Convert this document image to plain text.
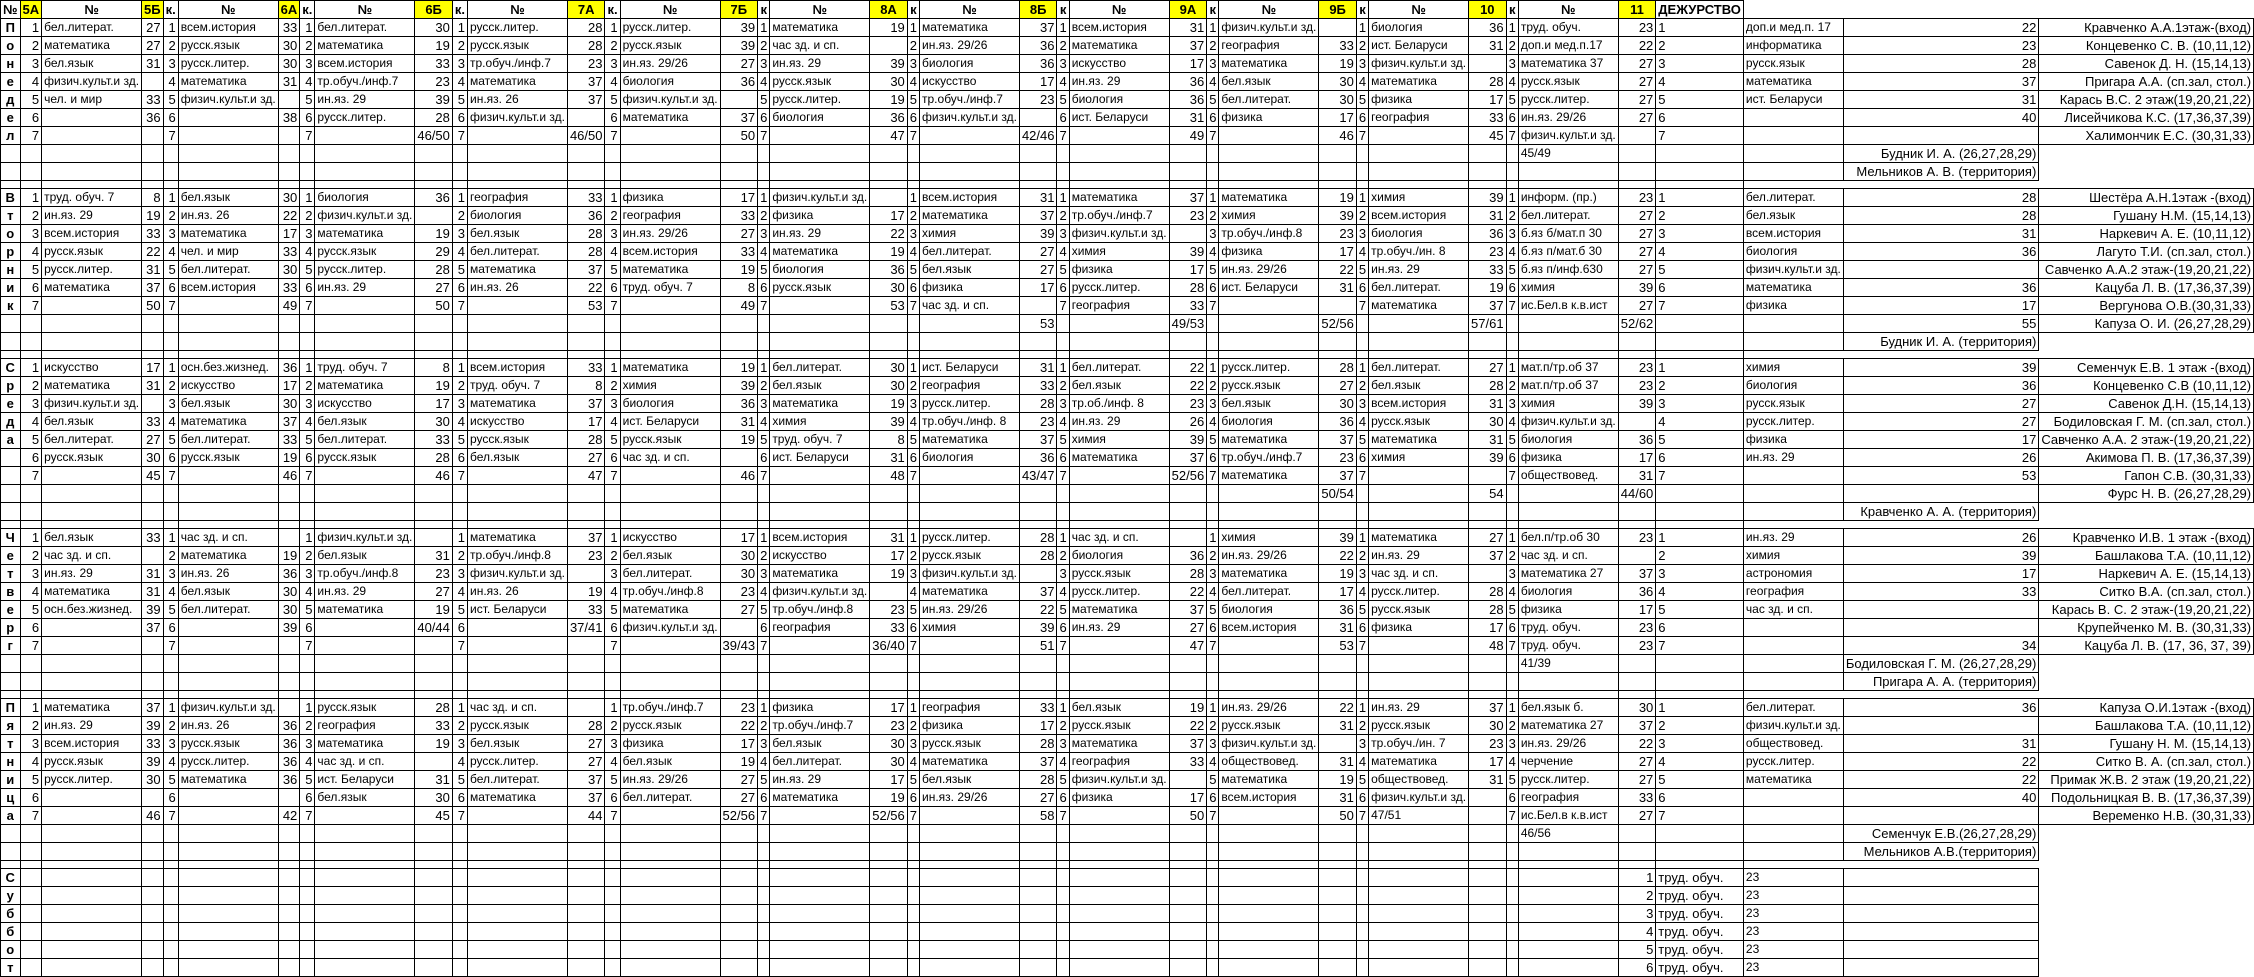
№	5А	№	5Б	к.	№	6А	к.	№	6Б	к.	№	7А	к.	№	7Б	к	№	8А	к	№	8Б	к	№	9А	к	№	9Б	к	№	10	к	№	11	ДЕЖУРСТВО			
П	1	бел.литерат.	27	1	всем.история	33	1	бел.литерат.	30	1	русск.литер.	28	1	русск.литер.	39	1	математика	19	1	математика	37	1	всем.история	31	1	физич.культ.и зд.		1	биология	36	1	труд. обуч.	23	1	доп.и мед.п. 17	22	Кравченко А.А.1этаж-(вход)
о	2	математика	27	2	русск.язык	30	2	математика	19	2	русск.язык	28	2	русск.язык	39	2	час зд. и сп.		2	ин.яз. 29/26	36	2	математика	37	2	география	33	2	ист. Беларуси	31	2	доп.и мед.п.17	22	2	информатика	23	Концевенко С. В. (10,11,12)
н	3	бел.язык	31	3	русск.литер.	30	3	всем.история	33	3	тр.обуч./инф.7	23	3	ин.яз. 29/26	27	3	ин.яз. 29	39	3	биология	36	3	искусство	17	3	математика	19	3	физич.культ.и зд.		3	математика 37	27	3	русск.язык	28	Савенок Д. Н. (15,14,13)
е	4	физич.культ.и зд.		4	математика	31	4	тр.обуч./инф.7	23	4	математика	37	4	биология	36	4	русск.язык	30	4	искусство	17	4	ин.яз. 29	36	4	бел.язык	30	4	математика	28	4	русск.язык	27	4	математика	37	Пригара А.А. (сп.зал, стол.)
д	5	чел. и мир	33	5	физич.культ.и зд.		5	ин.яз. 29	39	5	ин.яз. 26	37	5	физич.культ.и зд.		5	русск.литер.	19	5	тр.обуч./инф.7	23	5	биология	36	5	бел.литерат.	30	5	физика	17	5	русск.литер.	27	5	ист. Беларуси	31	Карась В.С. 2 этаж(19,20,21,22)
е	6		36	6		38	6	русск.литер.	28	6	физич.культ.и зд.		6	математика	37	6	биология	36	6	физич.культ.и зд.		6	ист. Беларуси	31	6	физика	17	6	география	33	6	ин.яз. 29/26	27	6		40	Лисейчикова К.С. (17,36,37,39)
л	7			7			7		46/50	7		46/50	7		50	7		47	7		42/46	7		49	7		46	7		45	7	физич.культ.и зд.		7			Халимончик Е.С. (30,31,33)
																																45/49				Будник И. А. (26,27,28,29)	
																																				Мельников А. В. (территория)	

В	1	труд. обуч. 7	8	1	бел.язык	30	1	биология	36	1	география	33	1	физика	17	1	физич.культ.и зд.		1	всем.история	31	1	математика	37	1	математика	19	1	химия	39	1	информ. (пр.)	23	1	бел.литерат.	28	Шестёра А.Н.1этаж -(вход)
т	2	ин.яз. 29	19	2	ин.яз. 26	22	2	физич.культ.и зд.		2	биология	36	2	география	33	2	физика	17	2	математика	37	2	тр.обуч./инф.7	23	2	химия	39	2	всем.история	31	2	бел.литерат.	27	2	бел.язык	28	Гушану Н.М. (15,14,13)
о	3	всем.история	33	3	математика	17	3	математика	19	3	бел.язык	28	3	ин.яз. 29/26	27	3	ин.яз. 29	22	3	химия	39	3	физич.культ.и зд.		3	тр.обуч./инф.8	23	3	биология	36	3	б.яз б/мат.п 30	27	3	всем.история	31	Наркевич А. Е. (10,11,12)
р	4	русск.язык	22	4	чел. и мир	33	4	русск.язык	29	4	бел.литерат.	28	4	всем.история	33	4	математика	19	4	бел.литерат.	27	4	химия	39	4	физика	17	4	тр.обуч./ин. 8	23	4	б.яз п/мат.б 30	27	4	биология	36	Лагуто Т.И. (сп.зал, стол.)
н	5	русск.литер.	31	5	бел.литерат.	30	5	русск.литер.	28	5	математика	37	5	математика	19	5	биология	36	5	бел.язык	27	5	физика	17	5	ин.яз. 29/26	22	5	ин.яз. 29	33	5	б.яз п/инф.630	27	5	физич.культ.и зд.		Савченко А.А.2 этаж-(19,20,21,22)
и	6	математика	37	6	всем.история	33	6	ин.яз. 29	27	6	ин.яз. 26	22	6	труд. обуч. 7	8	6	русск.язык	30	6	физика	17	6	русск.литер.	28	6	ист. Беларуси	31	6	бел.литерат.	19	6	химия	39	6	математика	36	Кацуба Л. В. (17,36,37,39)
к	7		50	7		49	7		50	7		53	7		49	7		53	7	час зд. и сп.		7	география	33	7			7	математика	37	7	ис.Бел.в к.в.ист	27	7	физика	17	Вергунова О.В.(30,31,33)
																					53			49/53			52/56			57/61			52/62			55	Капуза О. И. (26,27,28,29)
																																				Будник И. А. (территория)	

С	1	искусство	17	1	осн.без.жизнед.	36	1	труд. обуч. 7	8	1	всем.история	33	1	математика	19	1	бел.литерат.	30	1	ист. Беларуси	31	1	бел.литерат.	22	1	русск.литер.	28	1	бел.литерат.	27	1	мат.п/тр.об 37	23	1	химия	39	Семенчук Е.В. 1 этаж -(вход)
р	2	математика	31	2	искусство	17	2	математика	19	2	труд. обуч. 7	8	2	химия	39	2	бел.язык	30	2	география	33	2	бел.язык	22	2	русск.язык	27	2	бел.язык	28	2	мат.п/тр.об 37	23	2	биология	36	Концевенко С.В (10,11,12)
е	3	физич.культ.и зд.		3	бел.язык	30	3	искусство	17	3	математика	37	3	биология	36	3	математика	19	3	русск.литер.	28	3	тр.об./инф. 8	23	3	бел.язык	30	3	всем.история	31	3	химия	39	3	русск.язык	27	Савенок Д.Н. (15,14,13)
д	4	бел.язык	33	4	математика	37	4	бел.язык	30	4	искусство	17	4	ист. Беларуси	31	4	химия	39	4	тр.обуч./инф. 8	23	4	ин.яз. 29	26	4	биология	36	4	русск.язык	30	4	физич.культ.и зд.		4	русск.литер.	27	Бодиловская Г. М. (сп.зал, стол.)
а	5	бел.литерат.	27	5	бел.литерат.	33	5	бел.литерат.	33	5	русск.язык	28	5	русск.язык	19	5	труд. обуч. 7	8	5	математика	37	5	химия	39	5	математика	37	5	математика	31	5	биология	36	5	физика	17	Савченко А.А. 2 этаж-(19,20,21,22)
	6	русск.язык	30	6	русск.язык	19	6	русск.язык	28	6	бел.язык	27	6	час зд. и сп.		6	ист. Беларуси	31	6	биология	36	6	математика	37	6	тр.обуч./инф.7	23	6	химия	39	6	физика	17	6	ин.яз. 29	26	Акимова П. В. (17,36,37,39)
	7		45	7		46	7		46	7		47	7		46	7		48	7		43/47	7		52/56	7	математика	37	7			7	обществовед.	31	7		53	Гапон С.В. (30,31,33)
																											50/54			54			44/60				Фурс Н. В. (26,27,28,29)
																																				Кравченко А. А. (территория)	

Ч	1	бел.язык	33	1	час зд. и сп.		1	физич.культ.и зд.		1	математика	37	1	искусство	17	1	всем.история	31	1	русск.литер.	28	1	час зд. и сп.		1	химия	39	1	математика	27	1	бел.п/тр.об 30	23	1	ин.яз. 29	26	Кравченко И.В. 1 этаж -(вход)
е	2	час зд. и сп.		2	математика	19	2	бел.язык	31	2	тр.обуч./инф.8	23	2	бел.язык	30	2	искусство	17	2	русск.язык	28	2	биология	36	2	ин.яз. 29/26	22	2	ин.яз. 29	37	2	час зд. и сп.		2	химия	39	Башлакова Т.А. (10,11,12)
т	3	ин.яз. 29	31	3	ин.яз. 26	36	3	тр.обуч./инф.8	23	3	физич.культ.и зд.		3	бел.литерат.	30	3	математика	19	3	физич.культ.и зд.		3	русск.язык	28	3	математика	19	3	час зд. и сп.		3	математика 27	37	3	астрономия	17	Наркевич А. Е. (15,14,13)
в	4	математика	31	4	бел.язык	30	4	ин.яз. 29	27	4	ин.яз. 26	19	4	тр.обуч./инф.8	23	4	физич.культ.и зд.		4	математика	37	4	русск.литер.	22	4	бел.литерат.	17	4	русск.литер.	28	4	биология	36	4	география	33	Ситко В.А. (сп.зал, стол.)
е	5	осн.без.жизнед.	39	5	бел.литерат.	30	5	математика	19	5	ист. Беларуси	33	5	математика	27	5	тр.обуч./инф.8	23	5	ин.яз. 29/26	22	5	математика	37	5	биология	36	5	русск.язык	28	5	физика	17	5	час зд. и сп.		Карась В. С. 2 этаж-(19,20,21,22)
р	6		37	6		39	6		40/44	6		37/41	6	физич.культ.и зд.		6	география	33	6	химия	39	6	ин.яз. 29	27	6	всем.история	31	6	физика	17	6	труд. обуч.	23	6			Крупейченко М. В. (30,31,33)
г	7			7			7			7			7		39/43	7		36/40	7		51	7		47	7		53	7		48	7	труд. обуч.	23	7		34	Кацуба Л. В. (17, 36, 37, 39)
																																41/39				Бодиловская Г. М. (26,27,28,29)	
																																				Пригара А. А. (территория)	

П	1	математика	37	1	физич.культ.и зд.		1	русск.язык	28	1	час зд. и сп.		1	тр.обуч./инф.7	23	1	физика	17	1	география	33	1	бел.язык	19	1	ин.яз. 29/26	22	1	ин.яз. 29	37	1	бел.язык б.	30	1	бел.литерат.	36	Капуза О.И.1этаж -(вход)
я	2	ин.яз. 29	39	2	ин.яз. 26	36	2	география	33	2	русск.язык	28	2	русск.язык	22	2	тр.обуч./инф.7	23	2	физика	17	2	русск.язык	22	2	русск.язык	31	2	русск.язык	30	2	математика 27	37	2	физич.культ.и зд.		Башлакова Т.А. (10,11,12)
т	3	всем.история	33	3	русск.язык	36	3	математика	19	3	бел.язык	27	3	физика	17	3	бел.язык	30	3	русск.язык	28	3	математика	37	3	физич.культ.и зд.		3	тр.обуч./ин. 7	23	3	ин.яз. 29/26	22	3	обществовед.	31	Гушану Н. М. (15,14,13)
н	4	русск.язык	39	4	русск.литер.	36	4	час зд. и сп.		4	русск.литер.	27	4	бел.язык	19	4	бел.литерат.	30	4	математика	37	4	география	33	4	обществовед.	31	4	математика	17	4	черчение	27	4	русск.литер.	22	Ситко В. А. (сп.зал, стол.)
и	5	русск.литер.	30	5	математика	36	5	ист. Беларуси	31	5	бел.литерат.	37	5	ин.яз. 29/26	27	5	ин.яз. 29	17	5	бел.язык	28	5	физич.культ.и зд.		5	математика	19	5	обществовед.	31	5	русск.литер.	27	5	математика	22	Примак Ж.В. 2 этаж (19,20,21,22)
ц	6			6			6	бел.язык	30	6	математика	37	6	бел.литерат.	27	6	математика	19	6	ин.яз. 29/26	27	6	физика	17	6	всем.история	31	6	физич.культ.и зд.		6	география	33	6		40	Подольницкая В. В. (17,36,37,39)
а	7		46	7		42	7		45	7		44	7		52/56	7		52/56	7		58	7		50	7		50	7	47/51		7	ис.Бел.в к.в.ист	27	7			Веременко Н.В. (30,31,33)
																																46/56				Семенчук Е.В.(26,27,28,29)	
																																				Мельников А.В.(территория)	

С																																	1	труд. обуч.	23		
у																																	2	труд. обуч.	23		
б																																	3	труд. обуч.	23		
б																																	4	труд. обуч.	23		
о																																	5	труд. обуч.	23		
т																																	6	труд. обуч.	23		
